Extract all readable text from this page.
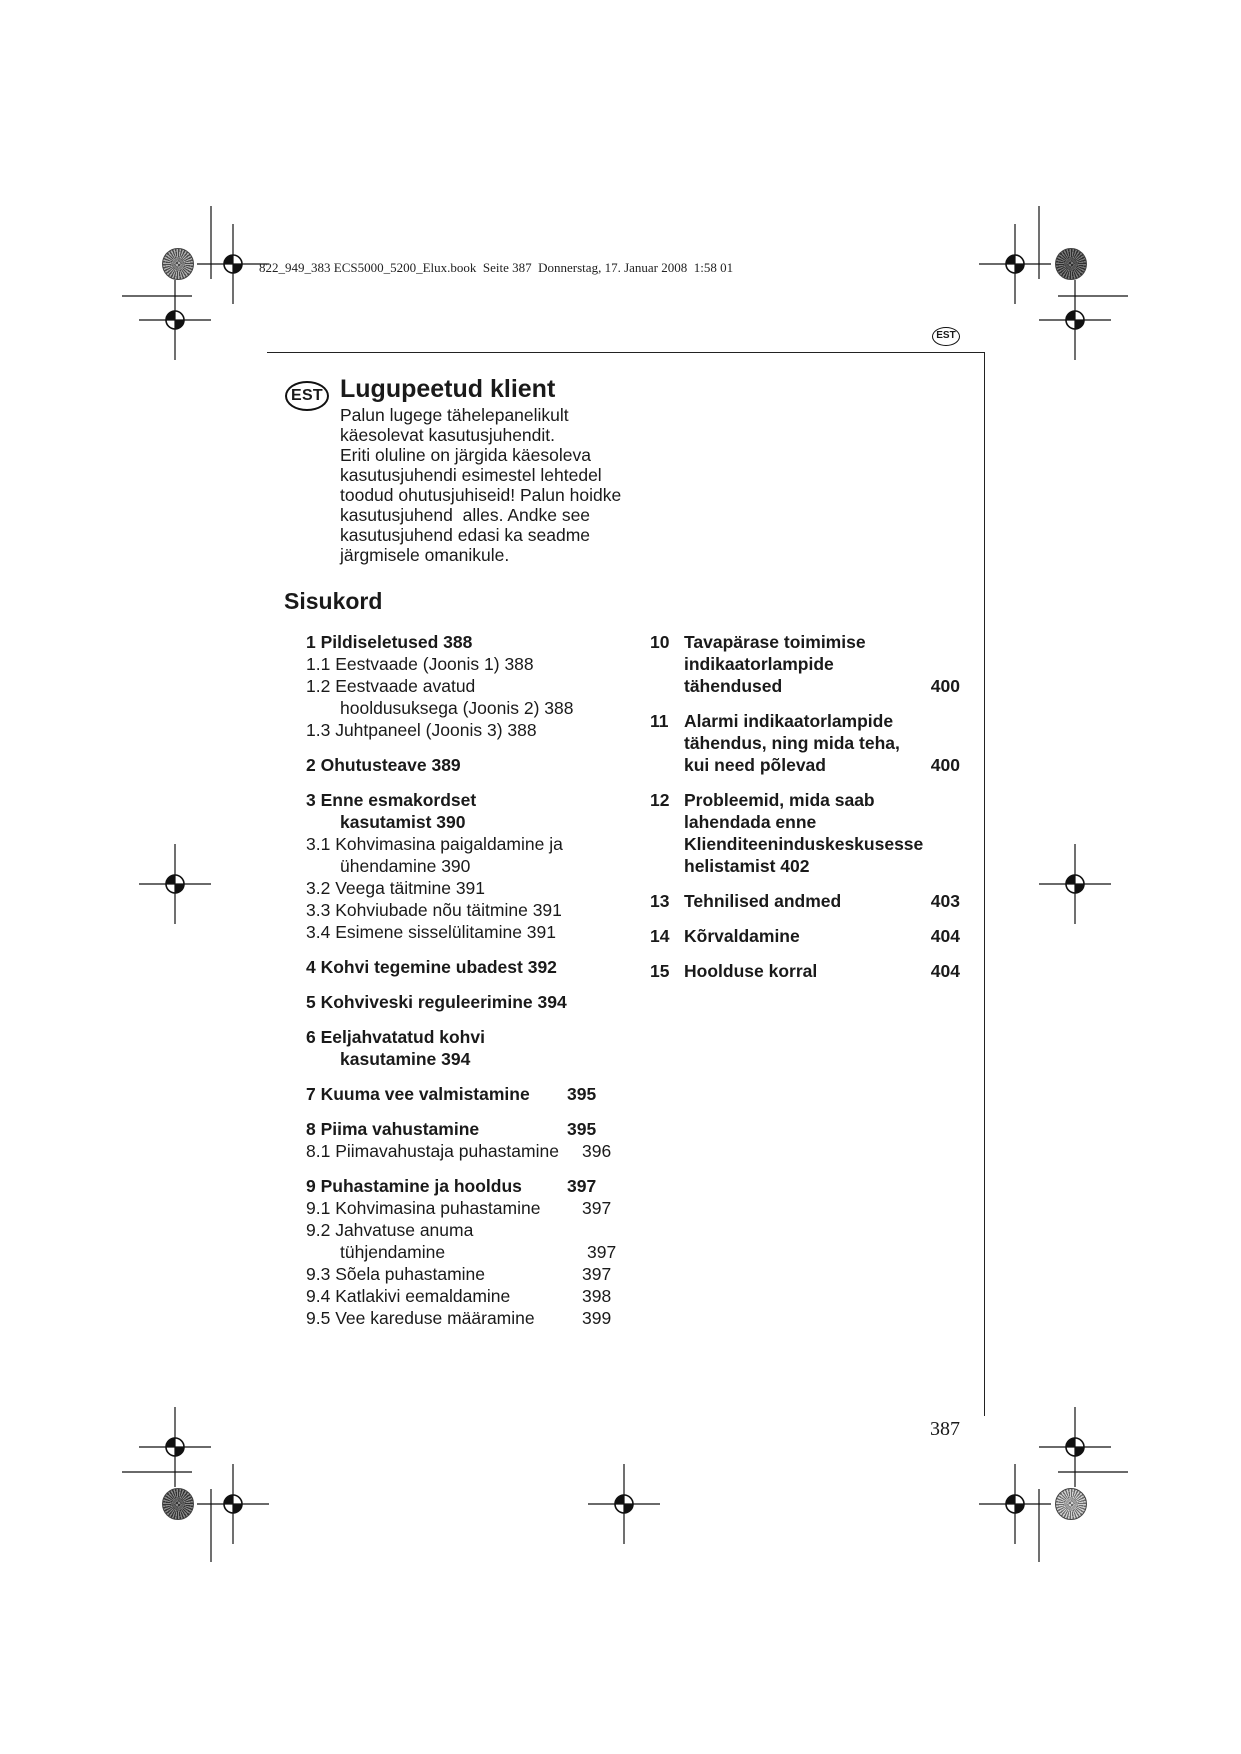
822_949_383 ECS5000_5200_Elux.book  Seite 387  Donnerstag, 17. Januar 2008  1:58 01
EST
EST Lugupeetud klient
Palun lugege tähelepanelikult
käesolevat kasutusjuhendit.
Eriti oluline on järgida käesoleva
kasutusjuhendi esimestel lehtedel
toodud ohutusjuhiseid! Palun hoidke
kasutusjuhend  alles. Andke see
kasutusjuhend edasi ka seadme
järgmisele omanikule.
Sisukord
1 Pildiseletused 388
1.1 Eestvaade (Joonis 1) 388
1.2 Eestvaade avatud
hooldusuksega (Joonis 2) 388
1.3 Juhtpaneel (Joonis 3) 388
2 Ohutusteave 389
3 Enne esmakordset
kasutamist 390
3.1 Kohvimasina paigaldamine ja
ühendamine 390
3.2 Veega täitmine 391
3.3 Kohviubade nõu täitmine 391
3.4 Esimene sisselülitamine 391
4 Kohvi tegemine ubadest 392
5 Kohviveski reguleerimine 394
6 Eeljahvatatud kohvi
kasutamine 394
7 Kuuma vee valmistamine 395
8 Piima vahustamine	395
8.1 Piimavahustaja puhastamine 396
9 Puhastamine ja hooldus	397
9.1 Kohvimasina puhastamine 397
9.2 Jahvatuse anuma
tühjendamine	397
9.3 Sõela puhastamine	397
9.4 Katlakivi eemaldamine	398
9.5 Vee kareduse määramine	399
10 Tavapärase toimimise
indikaatorlampide
tähendused	400
11 Alarmi indikaatorlampide
tähendus, ning mida teha,
kui need põlevad	400
12 Probleemid, mida saab
lahendada enne
Klienditeeninduskeskusesse
helistamist 402
13 Tehnilised andmed	403
14 Kõrvaldamine	404
15 Hoolduse korral	404
387
